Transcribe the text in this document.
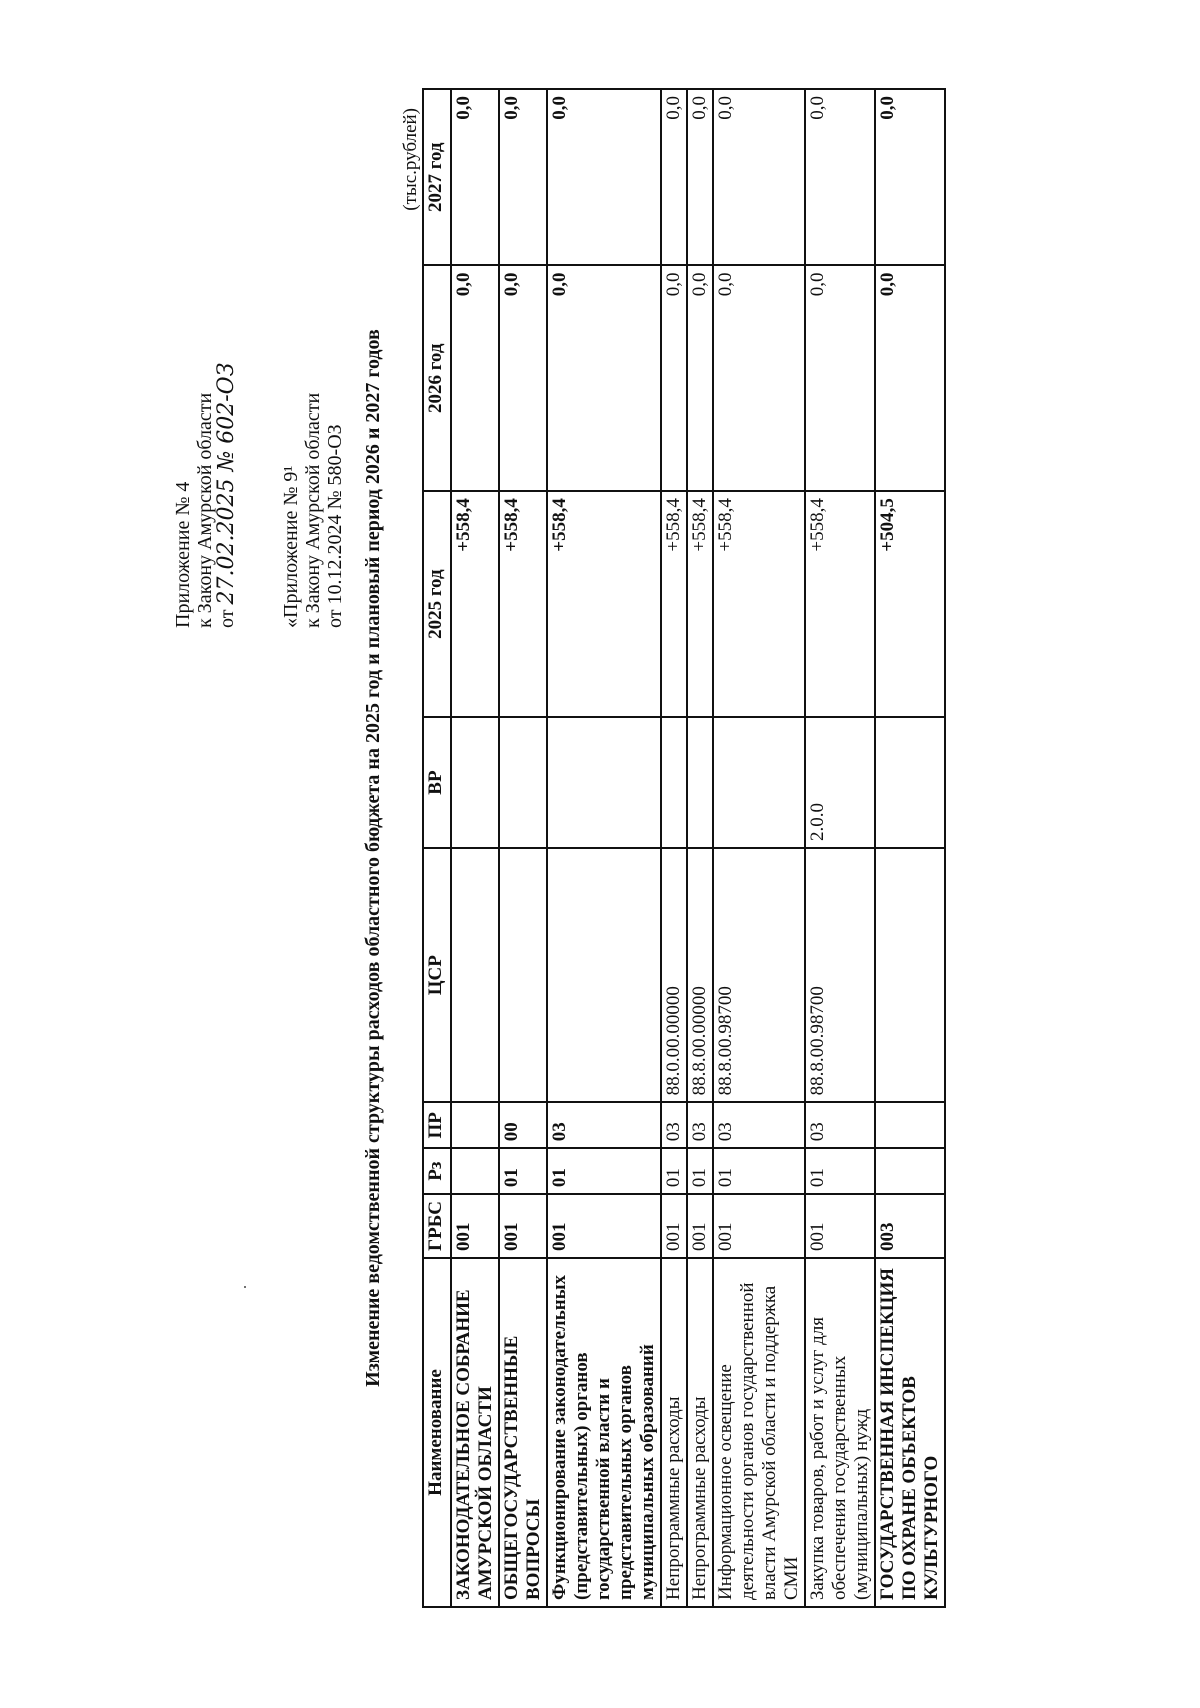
Приложение № 4 к Закону Амурской области от 27.02.2025 № 602-ОЗ «Приложение № 9¹ к Закону Амурской области от 10.12.2024 № 580-ОЗ Изменение ведомственной структуры расходов областного бюджета на 2025 год и плановый период 2026 и 2027 годов
(тыс.рублей)
Наименование	ГРБС	Рз	ПР	ЦСР	ВР	2025 год	2026 год	2027 год
ЗАКОНОДАТЕЛЬНОЕ СОБРАНИЕ АМУРСКОЙ ОБЛАСТИ	001					+558,4	0,0	0,0
ОБЩЕГОСУДАРСТВЕННЫЕ ВОПРОСЫ	001	01	00			+558,4	0,0	0,0
Функционирование законодательных (представительных) органов государственной власти и представительных органов муниципальных образований	001	01	03			+558,4	0,0	0,0
Непрограммные расходы	001	01	03	88.0.00.00000		+558,4	0,0	0,0
Непрограммные расходы	001	01	03	88.8.00.00000		+558,4	0,0	0,0
Информационное освещение деятельности органов государственной власти Амурской области и поддержка СМИ	001	01	03	88.8.00.98700		+558,4	0,0	0,0
Закупка товаров, работ и услуг для обеспечения государственных (муниципальных) нужд	001	01	03	88.8.00.98700	2.0.0	+558,4	0,0	0,0
ГОСУДАРСТВЕННАЯ ИНСПЕКЦИЯ ПО ОХРАНЕ ОБЪЕКТОВ КУЛЬТУРНОГО	003					+504,5	0,0	0,0
